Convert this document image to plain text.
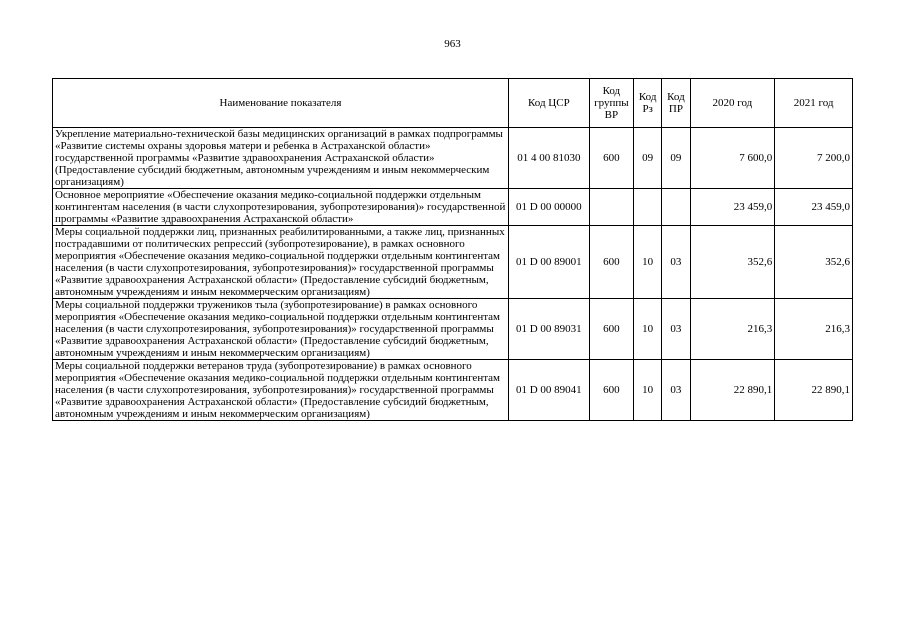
963
Наименование показателя	Код ЦСР	Код группы ВР	Код Рз	Код ПР	2020 год	2021 год
Укрепление материально-технической базы медицинских организаций в рамках подпрограммы «Развитие системы охраны здоровья матери и ребенка в Астраханской области» государственной программы «Развитие здравоохранения Астраханской области» (Предоставление субсидий бюджетным, автономным учреждениям и иным некоммерческим организациям)	01 4 00 81030	600	09	09	7 600,0	7 200,0
Основное мероприятие «Обеспечение оказания медико-социальной поддержки отдельным контингентам населения (в части слухопротезирования, зубопротезирования)» государственной программы «Развитие здравоохранения Астраханской области»	01 D 00 00000				23 459,0	23 459,0
Меры социальной поддержки лиц, признанных реабилитированными, а также лиц, признанных пострадавшими от политических репрессий (зубопротезирование), в рамках основного мероприятия «Обеспечение оказания медико-социальной поддержки отдельным контингентам населения (в части слухопротезирования, зубопротезирования)» государственной программы «Развитие здравоохранения Астраханской области» (Предоставление субсидий бюджетным, автономным учреждениям и иным некоммерческим организациям)	01 D 00 89001	600	10	03	352,6	352,6
Меры социальной поддержки тружеников тыла (зубопротезирование) в рамках основного мероприятия «Обеспечение оказания медико-социальной поддержки отдельным контингентам населения (в части слухопротезирования, зубопротезирования)» государственной программы «Развитие здравоохранения Астраханской области» (Предоставление субсидий бюджетным, автономным учреждениям и иным некоммерческим организациям)	01 D 00 89031	600	10	03	216,3	216,3
Меры социальной поддержки ветеранов труда (зубопротезирование) в рамках основного мероприятия «Обеспечение оказания медико-социальной поддержки отдельным контингентам населения (в части слухопротезирования, зубопротезирования)» государственной программы «Развитие здравоохранения Астраханской области» (Предоставление субсидий бюджетным, автономным учреждениям и иным некоммерческим организациям)	01 D 00 89041	600	10	03	22 890,1	22 890,1
